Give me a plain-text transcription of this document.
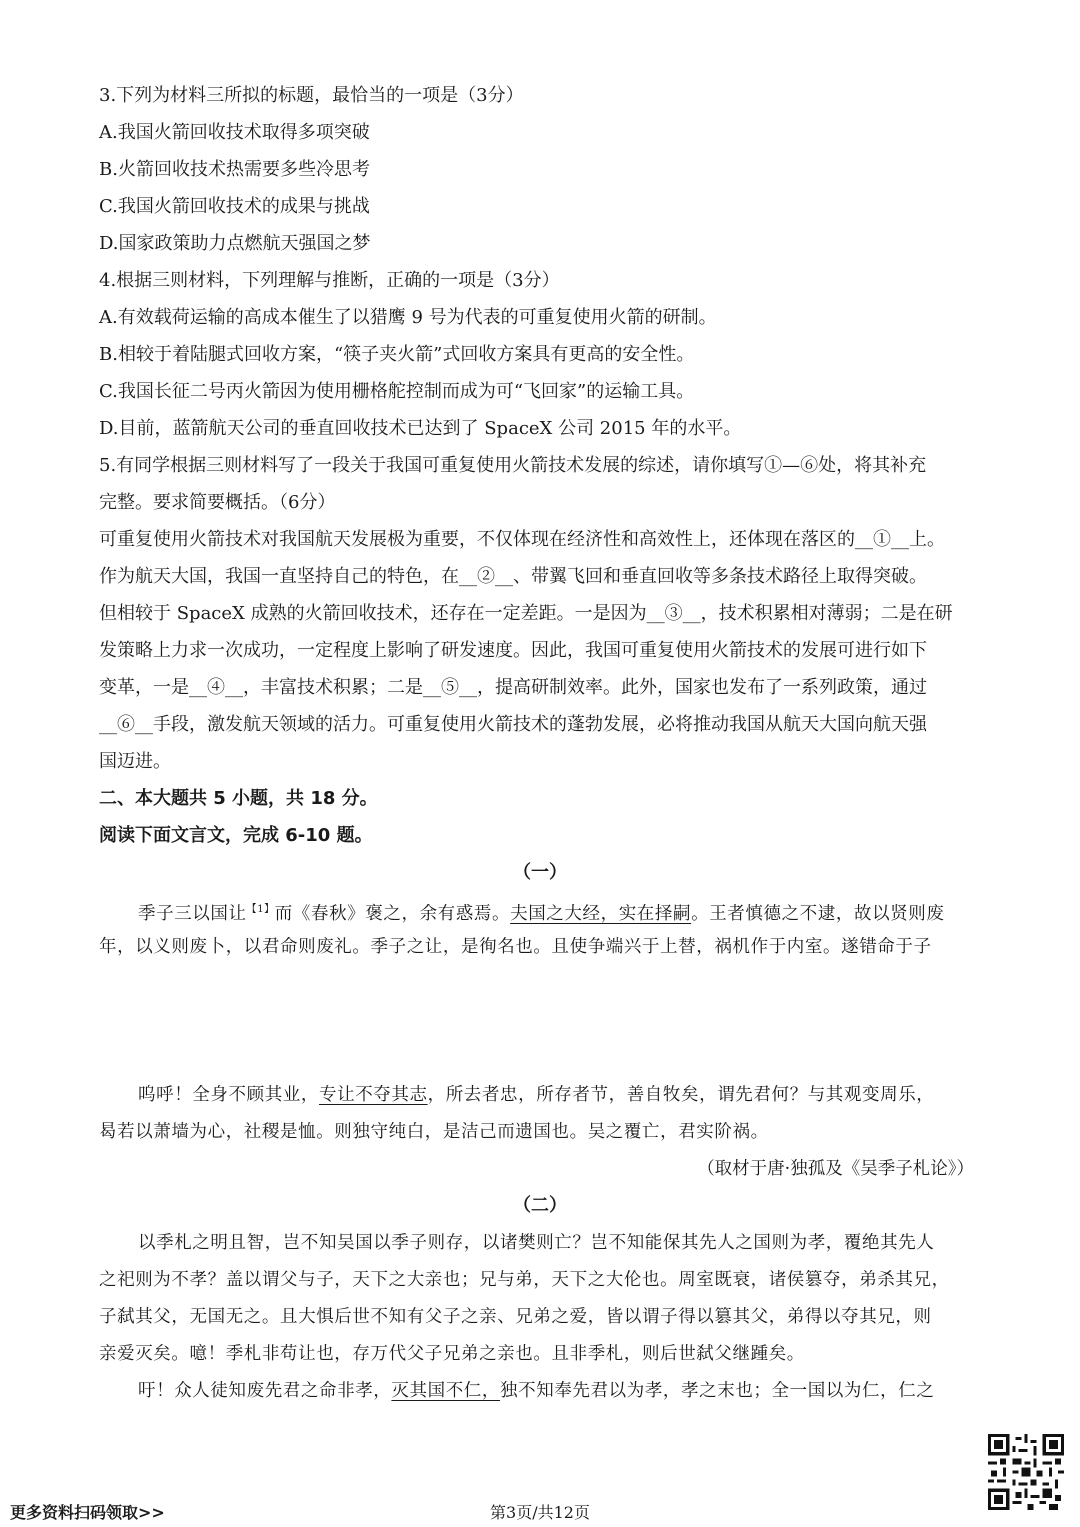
3.下列为材料三所拟的标题，最恰当的一项是（3分）
A.我国火箭回收技术取得多项突破
B.火箭回收技术热需要多些冷思考
C.我国火箭回收技术的成果与挑战
D.国家政策助力点燃航天强国之梦
4.根据三则材料，下列理解与推断，正确的一项是（3分）
A.有效载荷运输的高成本催生了以猎鹰 9 号为代表的可重复使用火箭的研制。
B.相较于着陆腿式回收方案，“筷子夹火箭”式回收方案具有更高的安全性。
C.我国长征二号丙火箭因为使用栅格舵控制而成为可“飞回家”的运输工具。
D.目前，蓝箭航天公司的垂直回收技术已达到了 SpaceX 公司 2015 年的水平。
5.有同学根据三则材料写了一段关于我国可重复使用火箭技术发展的综述，请你填写①—⑥处，将其补充
完整。要求简要概括。（6分）
可重复使用火箭技术对我国航天发展极为重要，不仅体现在经济性和高效性上，还体现在落区的__①__上。
作为航天大国，我国一直坚持自己的特色，在__②__、带翼飞回和垂直回收等多条技术路径上取得突破。
但相较于 SpaceX 成熟的火箭回收技术，还存在一定差距。一是因为__③__，技术积累相对薄弱；二是在研
发策略上力求一次成功，一定程度上影响了研发速度。因此，我国可重复使用火箭技术的发展可进行如下
变革，一是__④__，丰富技术积累；二是__⑤__，提高研制效率。此外，国家也发布了一系列政策，通过
__⑥__手段，激发航天领域的活力。可重复使用火箭技术的蓬勃发展，必将推动我国从航天大国向航天强
国迈进。
二、本大题共 5 小题，共 18 分。
阅读下面文言文，完成 6-10 题。
（一）
季子三以国让$^{【1】}$而《春秋》褒之，余有惑焉。夫国之大经，实在择嗣。王者慎德之不逮，故以贤则废
年，以义则废卜，以君命则废礼。季子之让，是徇名也。且使争端兴于上替，祸机作于内室。遂错命于子
呜呼！全身不顾其业，专让不夺其志，所去者忠，所存者节，善自牧矣，谓先君何？与其观变周乐，
曷若以萧墙为心，社稷是恤。则独守纯白，是洁己而遗国也。吴之覆亡，君实阶祸。
（取材于唐·独孤及《吴季子札论》）
（二）
以季札之明且智，岂不知吴国以季子则存，以诸樊则亡？岂不知能保其先人之国则为孝，覆绝其先人
之祀则为不孝？盖以谓父与子，天下之大亲也；兄与弟，天下之大伦也。周室既衰，诸侯篡夺，弟杀其兄，
子弑其父，无国无之。且大惧后世不知有父子之亲、兄弟之爱，皆以谓子得以篡其父，弟得以夺其兄，则
亲爱灭矣。噫！季札非苟让也，存万代父子兄弟之亲也。且非季札，则后世弑父继踵矣。
吁！众人徒知废先君之命非孝，灭其国不仁，独不知奉先君以为孝，孝之末也；全一国以为仁，仁之
更多资料扫码领取>>	第3页/共12页
